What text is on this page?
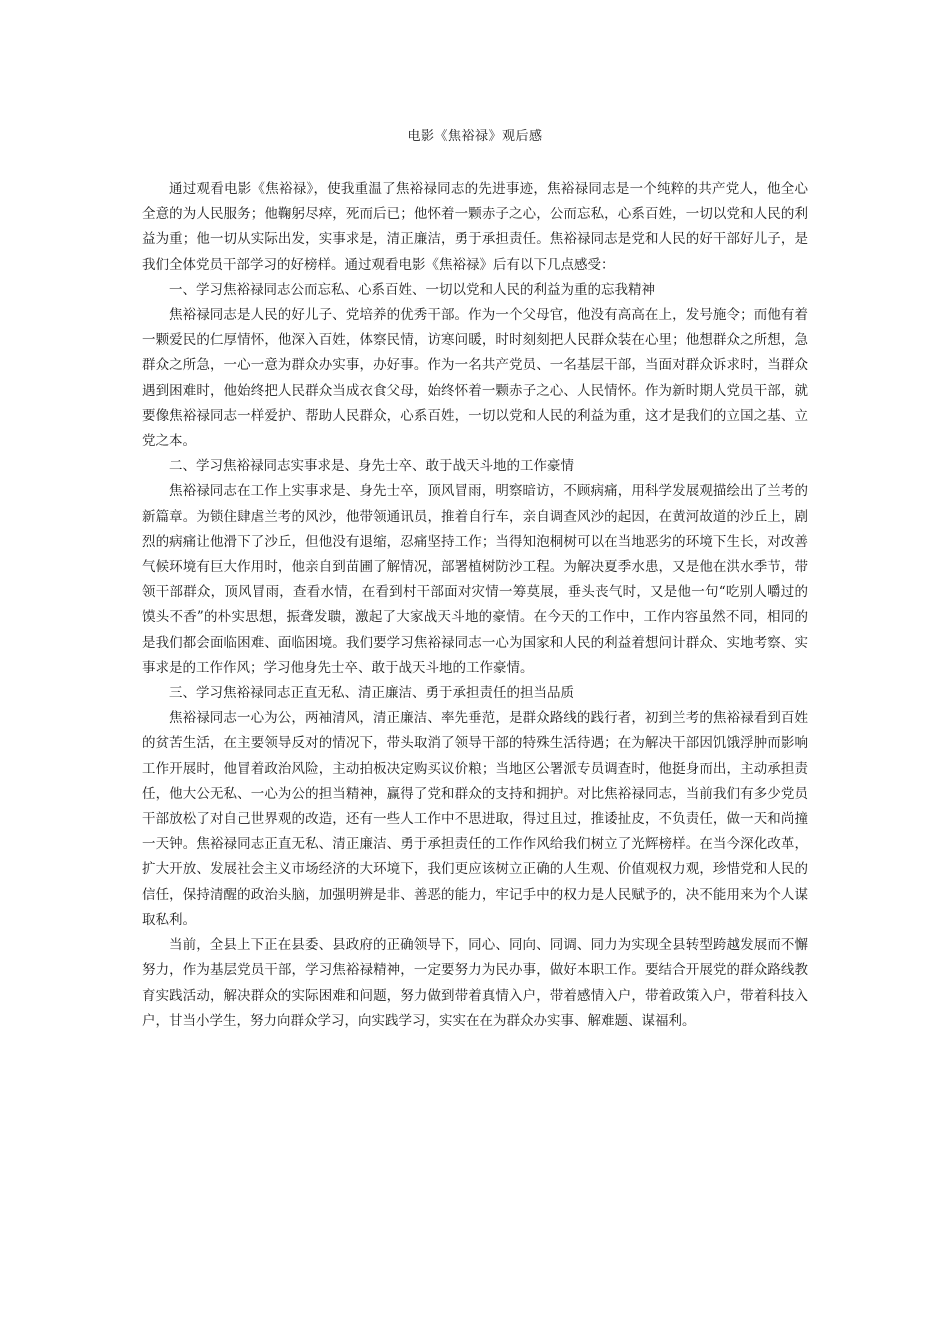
电影《焦裕禄》观后感

通过观看电影《焦裕禄》，使我重温了焦裕禄同志的先进事迹，焦裕禄同志是一个纯粹的共产党人，他全心全意的为人民服务；他鞠躬尽瘁，死而后已；他怀着一颗赤子之心，公而忘私，心系百姓，一切以党和人民的利益为重；他一切从实际出发，实事求是，清正廉洁，勇于承担责任。焦裕禄同志是党和人民的好干部好儿子，是我们全体党员干部学习的好榜样。通过观看电影《焦裕禄》后有以下几点感受：

一、学习焦裕禄同志公而忘私、心系百姓、一切以党和人民的利益为重的忘我精神

焦裕禄同志是人民的好儿子、党培养的优秀干部。作为一个父母官，他没有高高在上，发号施令；而他有着一颗爱民的仁厚情怀，他深入百姓，体察民情，访寒问暖，时时刻刻把人民群众装在心里；他想群众之所想，急群众之所急，一心一意为群众办实事，办好事。作为一名共产党员、一名基层干部，当面对群众诉求时，当群众遇到困难时，他始终把人民群众当成衣食父母，始终怀着一颗赤子之心、人民情怀。作为新时期人党员干部，就要像焦裕禄同志一样爱护、帮助人民群众，心系百姓，一切以党和人民的利益为重，这才是我们的立国之基、立党之本。

二、学习焦裕禄同志实事求是、身先士卒、敢于战天斗地的工作豪情

焦裕禄同志在工作上实事求是、身先士卒，顶风冒雨，明察暗访，不顾病痛，用科学发展观描绘出了兰考的新篇章。为锁住肆虐兰考的风沙，他带领通讯员，推着自行车，亲自调查风沙的起因，在黄河故道的沙丘上，剧烈的病痛让他滑下了沙丘，但他没有退缩，忍痛坚持工作；当得知泡桐树可以在当地恶劣的环境下生长，对改善气候环境有巨大作用时，他亲自到苗圃了解情况，部署植树防沙工程。为解决夏季水患，又是他在洪水季节，带领干部群众，顶风冒雨，查看水情，在看到村干部面对灾情一筹莫展，垂头丧气时，又是他一句“吃别人嚼过的馍头不香”的朴实思想，振聋发聩，激起了大家战天斗地的豪情。在今天的工作中，工作内容虽然不同，相同的是我们都会面临困难、面临困境。我们要学习焦裕禄同志一心为国家和人民的利益着想问计群众、实地考察、实事求是的工作作风；学习他身先士卒、敢于战天斗地的工作豪情。

三、学习焦裕禄同志正直无私、清正廉洁、勇于承担责任的担当品质

焦裕禄同志一心为公，两袖清风，清正廉洁、率先垂范，是群众路线的践行者，初到兰考的焦裕禄看到百姓的贫苦生活，在主要领导反对的情况下，带头取消了领导干部的特殊生活待遇；在为解决干部因饥饿浮肿而影响工作开展时，他冒着政治风险，主动拍板决定购买议价粮；当地区公署派专员调查时，他挺身而出，主动承担责任，他大公无私、一心为公的担当精神，赢得了党和群众的支持和拥护。对比焦裕禄同志，当前我们有多少党员干部放松了对自己世界观的改造，还有一些人工作中不思进取，得过且过，推诿扯皮，不负责任，做一天和尚撞一天钟。焦裕禄同志正直无私、清正廉洁、勇于承担责任的工作作风给我们树立了光辉榜样。在当今深化改革，扩大开放、发展社会主义市场经济的大环境下，我们更应该树立正确的人生观、价值观权力观，珍惜党和人民的信任，保持清醒的政治头脑，加强明辨是非、善恶的能力，牢记手中的权力是人民赋予的，决不能用来为个人谋取私利。

当前，全县上下正在县委、县政府的正确领导下，同心、同向、同调、同力为实现全县转型跨越发展而不懈努力，作为基层党员干部，学习焦裕禄精神，一定要努力为民办事，做好本职工作。要结合开展党的群众路线教育实践活动，解决群众的实际困难和问题，努力做到带着真情入户，带着感情入户，带着政策入户，带着科技入户，甘当小学生，努力向群众学习，向实践学习，实实在在为群众办实事、解难题、谋福利。
